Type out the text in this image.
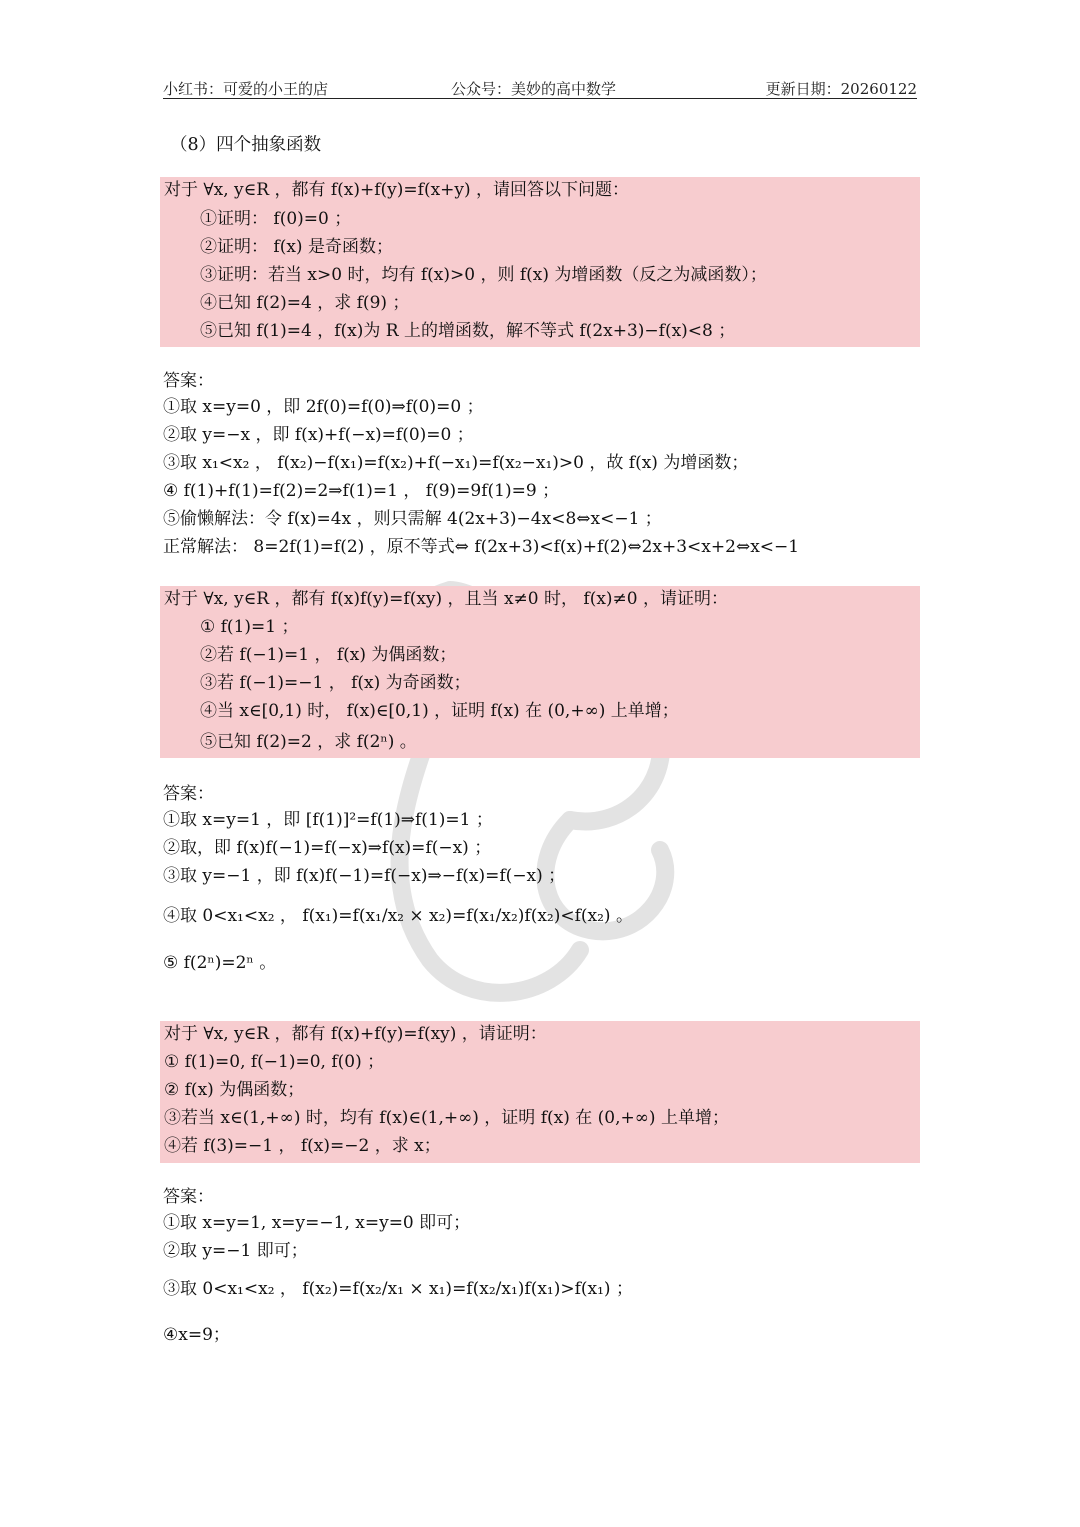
小红书：可爱的小王的店	公众号：美妙的高中数学	更新日期：20260122
（8）四个抽象函数
对于 ∀x, y∈R ，都有 f(x)+f(y)=f(x+y) ，请回答以下问题：
①证明： f(0)=0 ；
②证明： f(x) 是奇函数；
③证明：若当 x>0 时，均有 f(x)>0 ，则 f(x) 为增函数（反之为减函数）；
④已知 f(2)=4 ，求 f(9) ；
⑤已知 f(1)=4 ，f(x)为 R 上的增函数，解不等式 f(2x+3)−f(x)<8 ；
答案：
①取 x=y=0 ，即 2f(0)=f(0)⇒f(0)=0 ；
②取 y=−x ，即 f(x)+f(−x)=f(0)=0 ；
③取 x₁<x₂ ， f(x₂)−f(x₁)=f(x₂)+f(−x₁)=f(x₂−x₁)>0 ，故 f(x) 为增函数；
④ f(1)+f(1)=f(2)=2⇒f(1)=1 ， f(9)=9f(1)=9 ；
⑤偷懒解法：令 f(x)=4x ，则只需解 4(2x+3)−4x<8⇔x<−1 ；
正常解法： 8=2f(1)=f(2) ，原不等式⇔ f(2x+3)<f(x)+f(2)⇔2x+3<x+2⇔x<−1
对于 ∀x, y∈R ，都有 f(x)f(y)=f(xy) ，且当 x≠0 时， f(x)≠0 ，请证明：
① f(1)=1 ；
②若 f(−1)=1 ， f(x) 为偶函数；
③若 f(−1)=−1 ， f(x) 为奇函数；
④当 x∈[0,1) 时， f(x)∈[0,1) ，证明 f(x) 在 (0,+∞) 上单增；
⑤已知 f(2)=2 ，求 f(2ⁿ) 。
答案：
①取 x=y=1 ，即 [f(1)]²=f(1)⇒f(1)=1 ；
②取，即 f(x)f(−1)=f(−x)⇒f(x)=f(−x) ；
③取 y=−1 ，即 f(x)f(−1)=f(−x)⇒−f(x)=f(−x) ；
④取 0<x₁<x₂ ， f(x₁)=f(x₁/x₂ × x₂)=f(x₁/x₂)f(x₂)<f(x₂) 。
⑤ f(2ⁿ)=2ⁿ 。
对于 ∀x, y∈R ，都有 f(x)+f(y)=f(xy) ，请证明：
① f(1)=0, f(−1)=0, f(0) ；
② f(x) 为偶函数；
③若当 x∈(1,+∞) 时，均有 f(x)∈(1,+∞) ，证明 f(x) 在 (0,+∞) 上单增；
④若 f(3)=−1 ， f(x)=−2 ，求 x；
答案：
①取 x=y=1, x=y=−1, x=y=0 即可；
②取 y=−1 即可；
③取 0<x₁<x₂ ， f(x₂)=f(x₂/x₁ × x₁)=f(x₂/x₁)f(x₁)>f(x₁) ；
④x=9；
